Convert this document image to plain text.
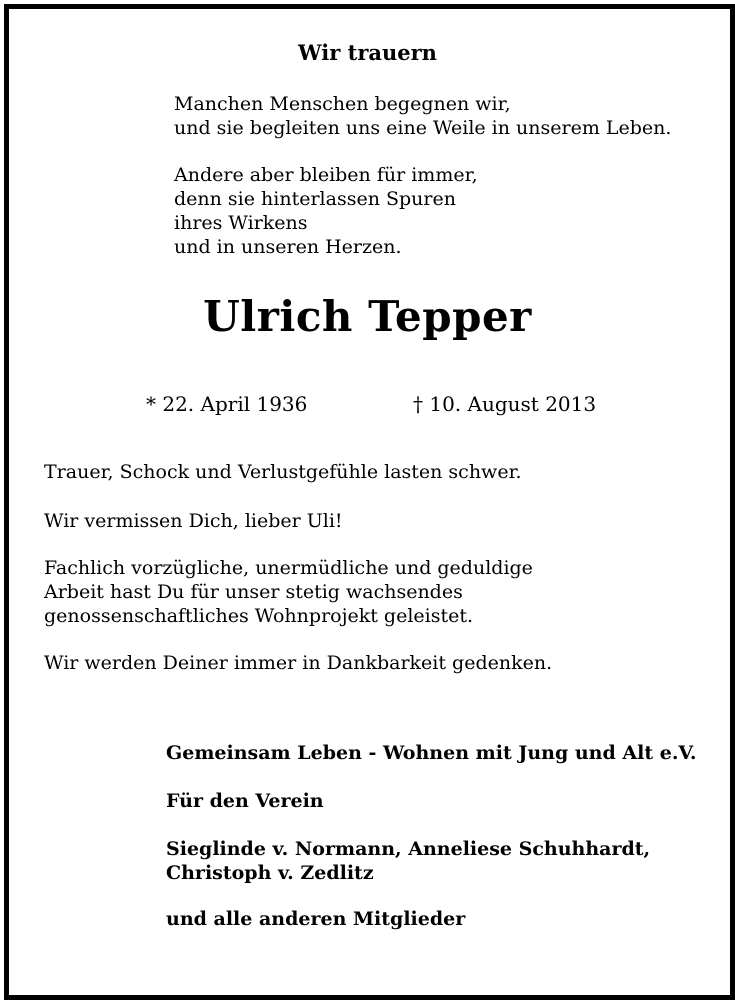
Wir trauern
Manchen Menschen begegnen wir,
und sie begleiten uns eine Weile in unserem Leben.
Andere aber bleiben für immer,
denn sie hinterlassen Spuren
ihres Wirkens
und in unseren Herzen.
Ulrich Tepper
* 22. April 1936	† 10. August 2013
Trauer, Schock und Verlustgefühle lasten schwer.
Wir vermissen Dich, lieber Uli!
Fachlich vorzügliche, unermüdliche und geduldige
Arbeit hast Du für unser stetig wachsendes
genossenschaftliches Wohnprojekt geleistet.
Wir werden Deiner immer in Dankbarkeit gedenken.
Gemeinsam Leben - Wohnen mit Jung und Alt e.V.
Für den Verein
Sieglinde v. Normann, Anneliese Schuhhardt,
Christoph v. Zedlitz
und alle anderen Mitglieder
